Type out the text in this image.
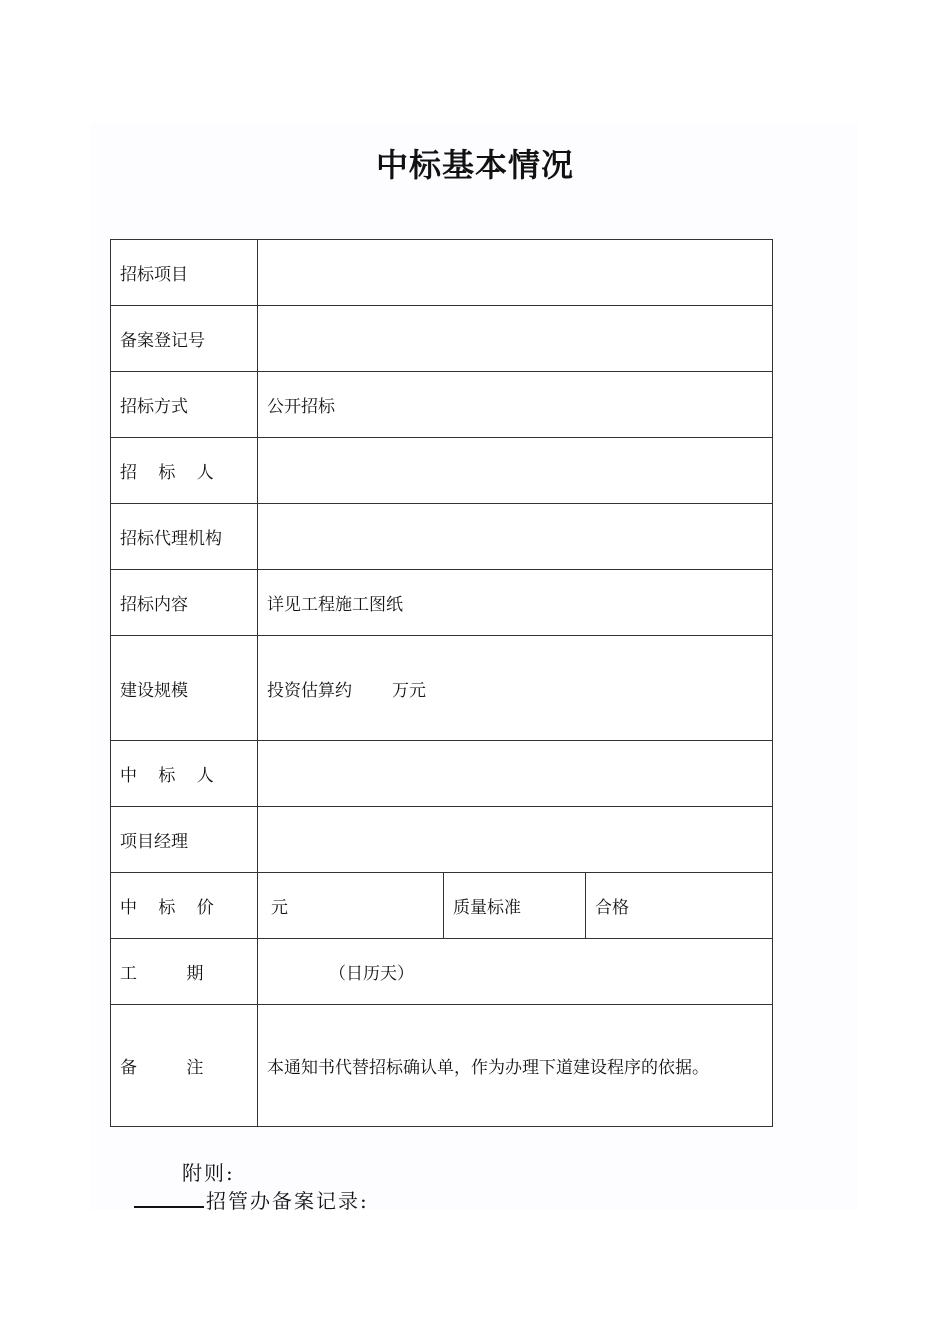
中标基本情况
招标项目			
备案登记号			
招标方式	公开招标		
招 标 人			
招标代理机构			
招标内容	详见工程施工图纸		
建设规模	投资估算约 万元		
中 标 人			
项目经理			
中 标 价	元	质量标准	合格
工 期	（日历天）		
备 注	本通知书代替招标确认单，作为办理下道建设程序的依据。		
附则:
招管办备案记录:
